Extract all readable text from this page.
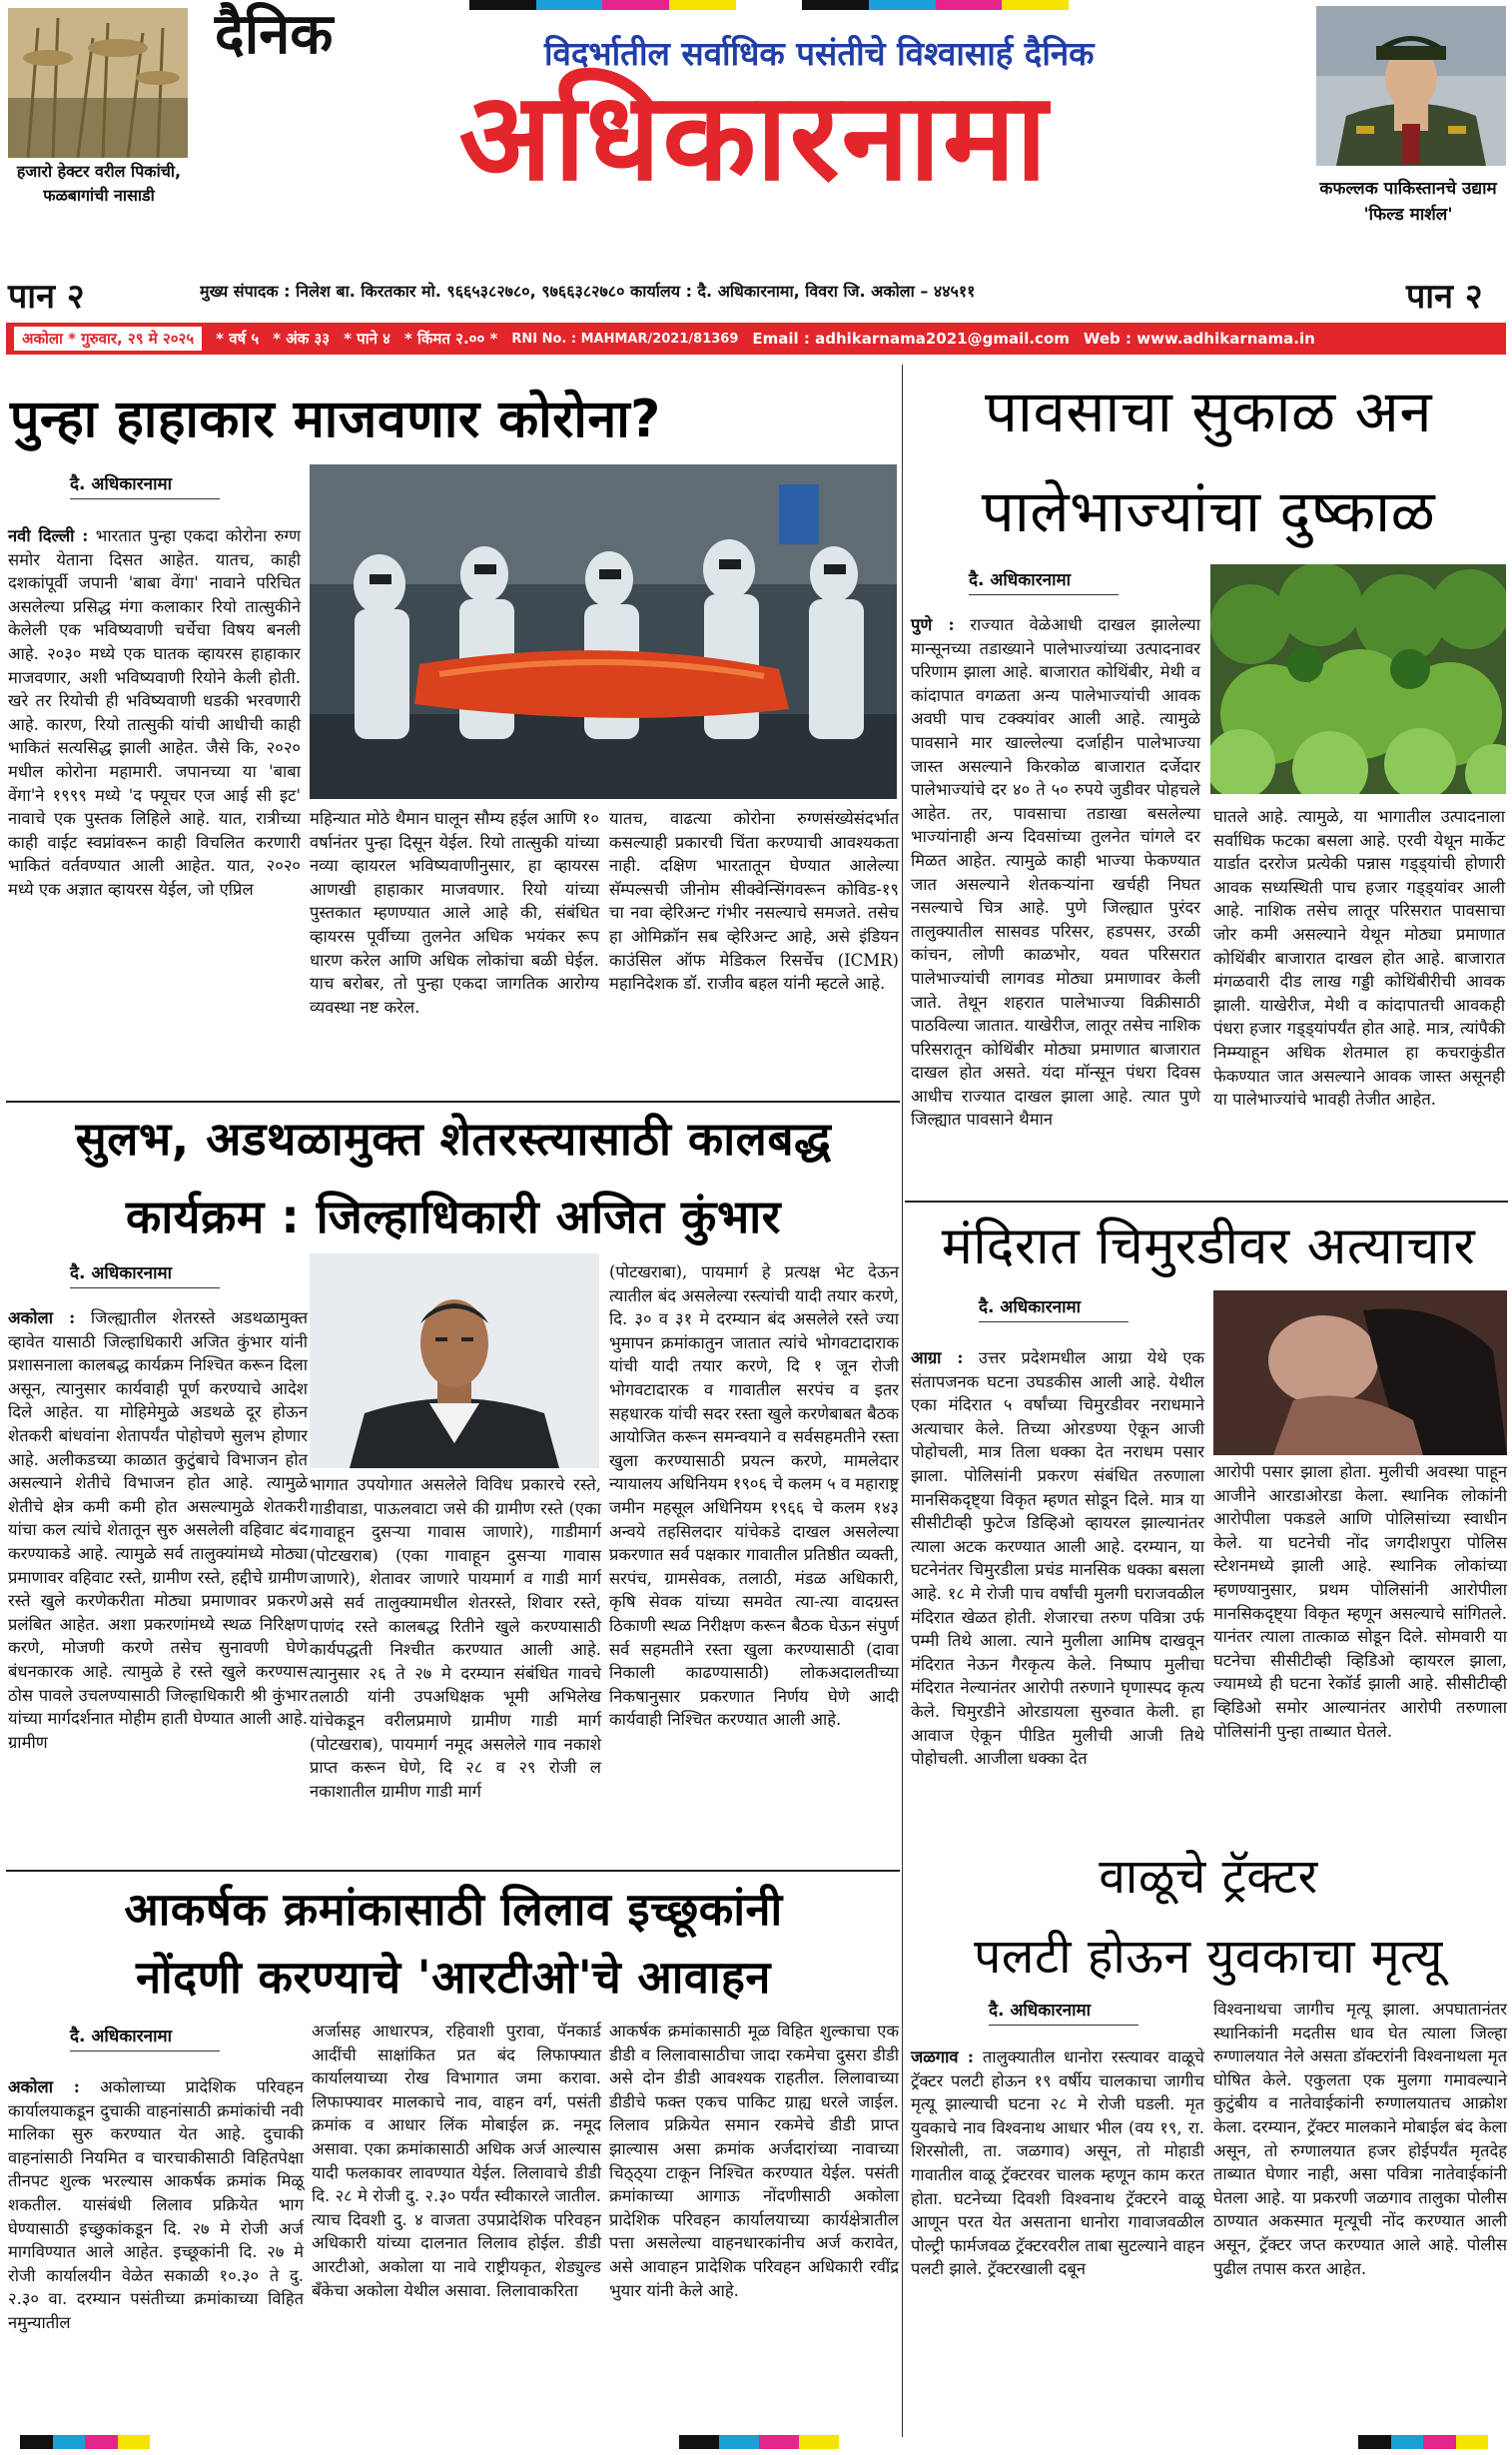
हजारो हेक्टर वरील पिकांची, फळबागांची नासाडी
दैनिक	विदर्भातील सर्वाधिक पसंतीचे विश्वासार्ह दैनिक
अधिकारनामा	कफल्लक पाकिस्तानचे उद्याम 'फिल्ड मार्शल'
पान २	पान २
मुख्य संपादक : निलेश बा. किरतकार मो. ९६६५३८२७८०, ९७६६३८२७८० कार्यालय : दै. अधिकारनामा, विवरा जि. अकोला – ४४५११
अकोला * गुरुवार, २९ मे २०२५	* वर्ष ५ * अंक ३३ * पाने ४ * किंमत २.०० * RNI No. : MAHMAR/2021/81369 Email : adhikarnama2021@gmail.com Web : www.adhikarnama.in
पुन्हा हाहाकार माजवणार कोरोना?
दै. अधिकारनामा
नवी दिल्ली : भारतात पुन्हा एकदा कोरोना रुग्ण समोर येताना दिसत आहेत. यातच, काही दशकांपूर्वी जपानी 'बाबा वेंगा' नावाने परिचित असलेल्या प्रसिद्ध मंगा कलाकार रियो तात्सुकीने केलेली एक भविष्यवाणी चर्चेचा विषय बनली आहे. २०३० मध्ये एक घातक व्हायरस हाहाकार माजवणार, अशी भविष्यवाणी रियोने केली होती. खरे तर रियोची ही भविष्यवाणी धडकी भरवणारी आहे. कारण, रियो तात्सुकी यांची आधीची काही भाकितं सत्यसिद्ध झाली आहेत. जैसे कि, २०२० मधील कोरोना महामारी. जपानच्या या 'बाबा वेंगा'ने १९९९ मध्ये 'द फ्यूचर एज आई सी इट' नावाचे एक पुस्तक लिहिले आहे. यात, रात्रीच्या काही वाईट स्वप्नांवरून काही विचलित करणारी भाकितं वर्तवण्यात आली आहेत. यात, २०२० मध्ये एक अज्ञात व्हायरस येईल, जो एप्रिल
महिन्यात मोठे थैमान घालून सौम्य हईल आणि १० वर्षानंतर पुन्हा दिसून येईल. रियो तात्सुकी यांच्या नव्या व्हायरल भविष्यवाणीनुसार, हा व्हायरस आणखी हाहाकार माजवणार. रियो यांच्या पुस्तकात म्हणण्यात आले आहे की, संबंधित व्हायरस पूर्वीच्या तुलनेत अधिक भयंकर रूप धारण करेल आणि अधिक लोकांचा बळी घेईल. याच बरोबर, तो पुन्हा एकदा जागतिक आरोग्य व्यवस्था नष्ट करेल.
यातच, वाढत्या कोरोना रुग्णसंख्येसंदर्भात कसल्याही प्रकारची चिंता करण्याची आवश्यकता नाही. दक्षिण भारतातून घेण्यात आलेल्या सॅम्पल्सची जीनोम सीक्वेन्सिंगवरून कोविड-१९ चा नवा व्हेरिअन्ट गंभीर नसल्याचे समजते. तसेच हा ओमिक्रॉन सब व्हेरिअन्ट आहे, असे इंडियन काउंसिल ऑफ मेडिकल रिसर्चेच (ICMR) महानिदेशक डॉ. राजीव बहल यांनी म्हटले आहे.
पावसाचा सुकाळ अन
पालेभाज्यांचा दुष्काळ
दै. अधिकारनामा
पुणे : राज्यात वेळेआधी दाखल झालेल्या मान्सूनच्या तडाख्याने पालेभाज्यांच्या उत्पादनावर परिणाम झाला आहे. बाजारात कोथिंबीर, मेथी व कांदापात वगळता अन्य पालेभाज्यांची आवक अवघी पाच टक्क्यांवर आली आहे. त्यामुळे पावसाने मार खाल्लेल्या दर्जाहीन पालेभाज्या जास्त असल्याने किरकोळ बाजारात दर्जेदार पालेभाज्यांचे दर ४० ते ५० रुपये जुडीवर पोहचले आहेत. तर, पावसाचा तडाखा बसलेल्या भाज्यांनाही अन्य दिवसांच्या तुलनेत चांगले दर मिळत आहेत. त्यामुळे काही भाज्या फेकण्यात जात असल्याने शेतकऱ्यांना खर्चही निघत नसल्याचे चित्र आहे. पुणे जिल्ह्यात पुरंदर तालुक्यातील सासवड परिसर, हडपसर, उरळी कांचन, लोणी काळभोर, यवत परिसरात पालेभाज्यांची लागवड मोठ्या प्रमाणावर केली जाते. तेथून शहरात पालेभाज्या विक्रीसाठी पाठविल्या जातात. याखेरीज, लातूर तसेच नाशिक परिसरातून कोथिंबीर मोठ्या प्रमाणात बाजारात दाखल होत असते. यंदा मॉन्सून पंधरा दिवस आधीच राज्यात दाखल झाला आहे. त्यात पुणे जिल्ह्यात पावसाने थैमान
घातले आहे. त्यामुळे, या भागातील उत्पादनाला सर्वाधिक फटका बसला आहे. एरवी येथून मार्केट यार्डात दररोज प्रत्येकी पन्नास गड्ड्यांची होणारी आवक सध्यस्थिती पाच हजार गड्ड्यांवर आली आहे. नाशिक तसेच लातूर परिसरात पावसाचा जोर कमी असल्याने येथून मोठ्या प्रमाणात कोथिंबीर बाजारात दाखल होत आहे. बाजारात मंगळवारी दीड लाख गड्डी कोथिंबीरीची आवक झाली. याखेरीज, मेथी व कांदापातची आवकही पंधरा हजार गड्ड्यांपर्यंत होत आहे. मात्र, त्यांपैकी निम्म्याहून अधिक शेतमाल हा कचराकुंडीत फेकण्यात जात असल्याने आवक जास्त असूनही या पालेभाज्यांचे भावही तेजीत आहेत.
सुलभ, अडथळामुक्त शेतरस्त्यासाठी कालबद्ध
कार्यक्रम : जिल्हाधिकारी अजित कुंभार
दै. अधिकारनामा
अकोला : जिल्ह्यातील शेतरस्ते अडथळामुक्त व्हावेत यासाठी जिल्हाधिकारी अजित कुंभार यांनी प्रशासनाला कालबद्ध कार्यक्रम निश्चित करून दिला असून, त्यानुसार कार्यवाही पूर्ण करण्याचे आदेश दिले आहेत. या मोहिमेमुळे अडथळे दूर होऊन शेतकरी बांधवांना शेतापर्यंत पोहोचणे सुलभ होणार आहे. अलीकडच्या काळात कुटुंबाचे विभाजन होत असल्याने शेतीचे विभाजन होत आहे. त्यामुळे शेतीचे क्षेत्र कमी कमी होत असल्यामुळे शेतकरी यांचा कल त्यांचे शेतातून सुरु असलेली वहिवाट बंद करण्याकडे आहे. त्यामुळे सर्व तालुक्यांमध्ये मोठ्या प्रमाणावर वहिवाट रस्ते, ग्रामीण रस्ते, हद्दीचे ग्रामीण रस्ते खुले करणेकरीता मोठ्या प्रमाणावर प्रकरणे प्रलंबित आहेत. अशा प्रकरणांमध्ये स्थळ निरिक्षण करणे, मोजणी करणे तसेच सुनावणी घेणे बंधनकारक आहे. त्यामुळे हे रस्ते खुले करण्यास ठोस पावले उचलण्यासाठी जिल्हाधिकारी श्री कुंभार यांच्या मार्गदर्शनात मोहीम हाती घेण्यात आली आहे. ग्रामीण
भागात उपयोगात असलेले विविध प्रकारचे रस्ते, गाडीवाडा, पाऊलवाटा जसे की ग्रामीण रस्ते (एका गावाहून दुसऱ्या गावास जाणारे), गाडीमार्ग (पोटखराब) (एका गावाहून दुसऱ्या गावास जाणारे), शेतावर जाणारे पायमार्ग व गाडी मार्ग असे सर्व तालुक्यामधील शेतरस्ते, शिवार रस्ते, पाणंद रस्ते कालबद्ध रितीने खुले करण्यासाठी कार्यपद्धती निश्चीत करण्यात आली आहे. त्यानुसार २६ ते २७ मे दरम्यान संबंधित गावचे तलाठी यांनी उपअधिक्षक भूमी अभिलेख यांचेकडून वरीलप्रमाणे ग्रामीण गाडी मार्ग (पोटखराब), पायमार्ग नमूद असलेले गाव नकाशे प्राप्त करून घेणे, दि २८ व २९ रोजी ल नकाशातील ग्रामीण गाडी मार्ग
(पोटखराबा), पायमार्ग हे प्रत्यक्ष भेट देऊन त्यातील बंद असलेल्या रस्त्यांची यादी तयार करणे, दि. ३० व ३१ मे दरम्यान बंद असलेले रस्ते ज्या भुमापन क्रमांकातुन जातात त्यांचे भोगवटादाराक यांची यादी तयार करणे, दि १ जून रोजी भोगवटादारक व गावातील सरपंच व इतर सहधारक यांची सदर रस्ता खुले करणेबाबत बैठक आयोजित करून समन्वयाने व सर्वसहमतीने रस्ता खुला करण्यासाठी प्रयत्न करणे, मामलेदार न्यायालय अधिनियम १९०६ चे कलम ५ व महाराष्ट्र जमीन महसूल अधिनियम १९६६ चे कलम १४३ अन्वये तहसिलदार यांचेकडे दाखल असलेल्या प्रकरणात सर्व पक्षकार गावातील प्रतिष्ठीत व्यक्ती, सरपंच, ग्रामसेवक, तलाठी, मंडळ अधिकारी, कृषि सेवक यांच्या समवेत त्या-त्या वादग्रस्त ठिकाणी स्थळ निरीक्षण करून बैठक घेऊन संपुर्ण सर्व सहमतीने रस्ता खुला करण्यासाठी (दावा निकाली काढण्यासाठी) लोकअदालतीच्या निकषानुसार प्रकरणात निर्णय घेणे आदी कार्यवाही निश्चित करण्यात आली आहे.
मंदिरात चिमुरडीवर अत्याचार
दै. अधिकारनामा
आग्रा : उत्तर प्रदेशमधील आग्रा येथे एक संतापजनक घटना उघडकीस आली आहे. येथील एका मंदिरात ५ वर्षांच्या चिमुरडीवर नराधमाने अत्याचार केले. तिच्या ओरडण्या ऐकून आजी पोहोचली, मात्र तिला धक्का देत नराधम पसार झाला. पोलिसांनी प्रकरण संबंधित तरुणाला मानसिकदृष्ट्या विकृत म्हणत सोडून दिले. मात्र या सीसीटीव्ही फुटेज डिव्हिओ व्हायरल झाल्यानंतर त्याला अटक करण्यात आली आहे. दरम्यान, या घटनेनंतर चिमुरडीला प्रचंड मानसिक धक्का बसला आहे. १८ मे रोजी पाच वर्षांची मुलगी घराजवळील मंदिरात खेळत होती. शेजारचा तरुण पवित्रा उर्फ पम्मी तिथे आला. त्याने मुलीला आमिष दाखवून मंदिरात नेऊन गैरकृत्य केले. निष्पाप मुलीचा मंदिरात नेल्यानंतर आरोपी तरुणाने घृणास्पद कृत्य केले. चिमुरडीने ओरडायला सुरुवात केली. हा आवाज ऐकून पीडित मुलीची आजी तिथे पोहोचली. आजीला धक्का देत
आरोपी पसार झाला होता. मुलीची अवस्था पाहून आजीने आरडाओरडा केला. स्थानिक लोकांनी आरोपीला पकडले आणि पोलिसांच्या स्वाधीन केले. या घटनेची नोंद जगदीशपुरा पोलिस स्टेशनमध्ये झाली आहे. स्थानिक लोकांच्या म्हणण्यानुसार, प्रथम पोलिसांनी आरोपीला मानसिकदृष्ट्या विकृत म्हणून असल्याचे सांगितले. यानंतर त्याला तात्काळ सोडून दिले. सोमवारी या घटनेचा सीसीटीव्ही व्हिडिओ व्हायरल झाला, ज्यामध्ये ही घटना रेकॉर्ड झाली आहे. सीसीटीव्ही व्हिडिओ समोर आल्यानंतर आरोपी तरुणाला पोलिसांनी पुन्हा ताब्यात घेतले.
आकर्षक क्रमांकासाठी लिलाव इच्छूकांनी
नोंदणी करण्याचे 'आरटीओ'चे आवाहन
दै. अधिकारनामा
अकोला : अकोलाच्या प्रादेशिक परिवहन कार्यालयाकडून दुचाकी वाहनांसाठी क्रमांकांची नवी मालिका सुरु करण्यात येत आहे. दुचाकी वाहनांसाठी नियमित व चारचाकीसाठी विहितपेक्षा तीनपट शुल्क भरल्यास आकर्षक क्रमांक मिळू शकतील. यासंबंधी लिलाव प्रक्रियेत भाग घेण्यासाठी इच्छुकांकडून दि. २७ मे रोजी अर्ज मागविण्यात आले आहेत. इच्छूकांनी दि. २७ मे रोजी कार्यालयीन वेळेत सकाळी १०.३० ते दु. २.३० वा. दरम्यान पसंतीच्या क्रमांकाच्या विहित नमुन्यातील
अर्जासह आधारपत्र, रहिवाशी पुरावा, पॅनकार्ड आदींची साक्षांकित प्रत बंद लिफाफ्यात कार्यालयाच्या रोख विभागात जमा करावा. लिफाफ्यावर मालकाचे नाव, वाहन वर्ग, पसंती क्रमांक व आधार लिंक मोबाईल क्र. नमूद असावा. एका क्रमांकासाठी अधिक अर्ज आल्यास यादी फलकावर लावण्यात येईल. लिलावाचे डीडी दि. २८ मे रोजी दु. २.३० पर्यंत स्वीकारले जातील. त्याच दिवशी दु. ४ वाजता उपप्रादेशिक परिवहन अधिकारी यांच्या दालनात लिलाव होईल. डीडी आरटीओ, अकोला या नावे राष्ट्रीयकृत, शेड्युल्ड बँकेचा अकोला येथील असावा. लिलावाकरिता
आकर्षक क्रमांकासाठी मूळ विहित शुल्काचा एक डीडी व लिलावासाठीचा जादा रकमेचा दुसरा डीडी असे दोन डीडी आवश्यक राहतील. लिलावाच्या डीडीचे फक्त एकच पाकिट ग्राह्य धरले जाईल. लिलाव प्रक्रियेत समान रकमेचे डीडी प्राप्त झाल्यास असा क्रमांक अर्जदारांच्या नावाच्या चिठ्ठ्या टाकून निश्चित करण्यात येईल. पसंती क्रमांकाच्या आगाऊ नोंदणीसाठी अकोला प्रादेशिक परिवहन कार्यालयाच्या कार्यक्षेत्रातील पत्ता असलेल्या वाहनधारकांनीच अर्ज करावेत, असे आवाहन प्रादेशिक परिवहन अधिकारी रवींद्र भुयार यांनी केले आहे.
वाळूचे ट्रॅक्टर
पलटी होऊन युवकाचा मृत्यू
दै. अधिकारनामा
जळगाव : तालुक्यातील धानोरा रस्त्यावर वाळूचे ट्रॅक्टर पलटी होऊन १९ वर्षीय चालकाचा जागीच मृत्यू झाल्याची घटना २८ मे रोजी घडली. मृत युवकाचे नाव विश्वनाथ आधार भील (वय १९, रा. शिरसोली, ता. जळगाव) असून, तो मोहाडी गावातील वाळू ट्रॅक्टरवर चालक म्हणून काम करत होता. घटनेच्या दिवशी विश्वनाथ ट्रॅक्टरने वाळू आणून परत येत असताना धानोरा गावाजवळील पोल्ट्री फार्मजवळ ट्रॅक्टरवरील ताबा सुटल्याने वाहन पलटी झाले. ट्रॅक्टरखाली दबून
विश्वनाथचा जागीच मृत्यू झाला. अपघातानंतर स्थानिकांनी मदतीस धाव घेत त्याला जिल्हा रुग्णालयात नेले असता डॉक्टरांनी विश्वनाथला मृत घोषित केले. एकुलता एक मुलगा गमावल्याने कुटुंबीय व नातेवाईकांनी रुग्णालयातच आक्रोश केला. दरम्यान, ट्रॅक्टर मालकाने मोबाईल बंद केला असून, तो रुग्णालयात हजर होईपर्यंत मृतदेह ताब्यात घेणार नाही, असा पवित्रा नातेवाईकांनी घेतला आहे. या प्रकरणी जळगाव तालुका पोलीस ठाण्यात अकस्मात मृत्यूची नोंद करण्यात आली असून, ट्रॅक्टर जप्त करण्यात आले आहे. पोलीस पुढील तपास करत आहेत.
